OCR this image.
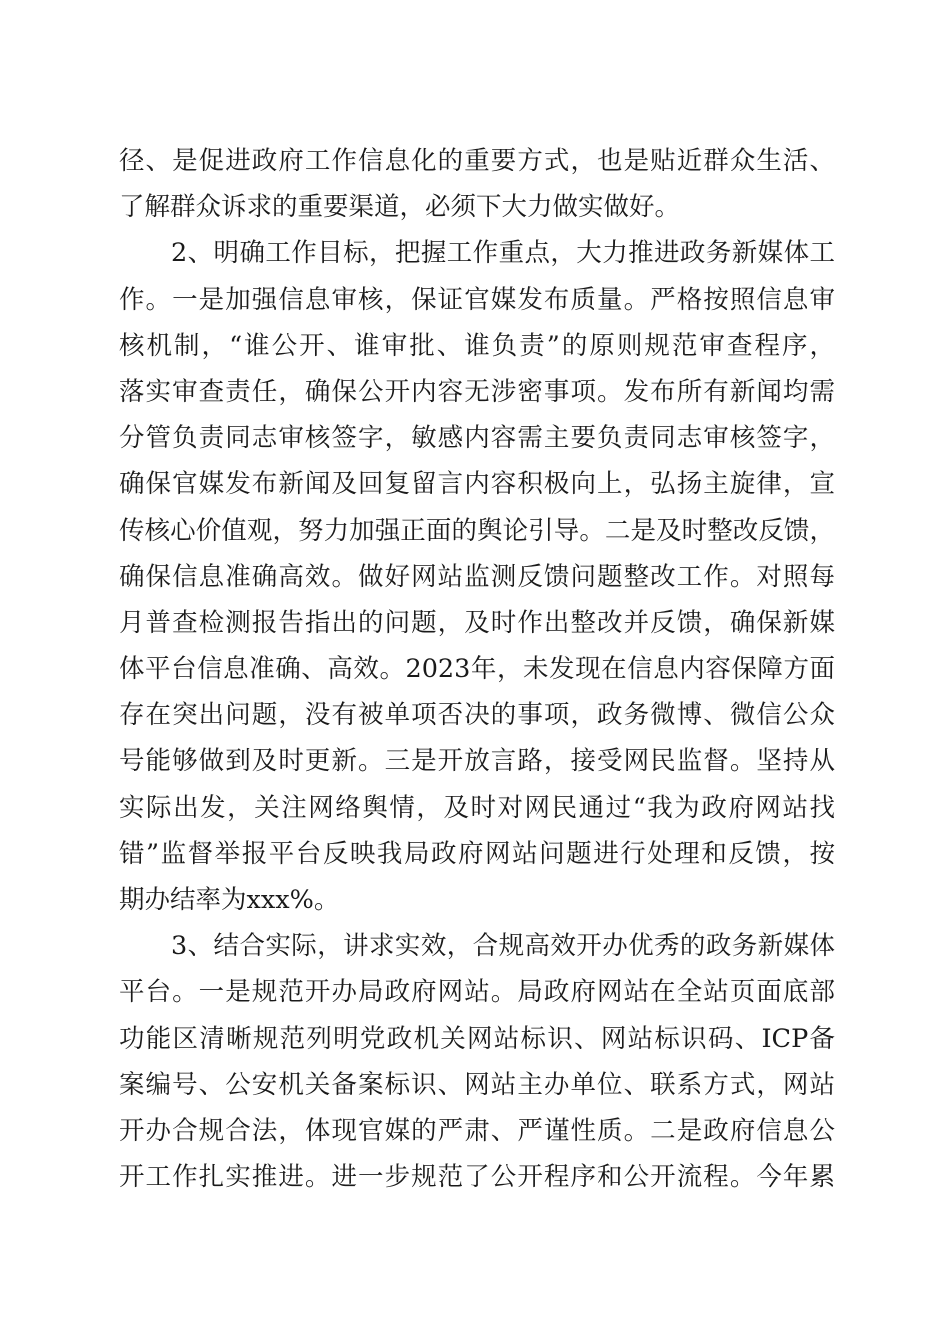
径、是促进政府工作信息化的重要方式，也是贴近群众生活、
了解群众诉求的重要渠道，必须下大力做实做好。
2、明确工作目标，把握工作重点，大力推进政务新媒体工
作。一是加强信息审核，保证官媒发布质量。严格按照信息审
核机制，“谁公开、谁审批、谁负责”的原则规范审查程序，
落实审查责任，确保公开内容无涉密事项。发布所有新闻均需
分管负责同志审核签字，敏感内容需主要负责同志审核签字，
确保官媒发布新闻及回复留言内容积极向上，弘扬主旋律，宣
传核心价值观，努力加强正面的舆论引导。二是及时整改反馈，
确保信息准确高效。做好网站监测反馈问题整改工作。对照每
月普查检测报告指出的问题，及时作出整改并反馈，确保新媒
体平台信息准确、高效。2023年，未发现在信息内容保障方面
存在突出问题，没有被单项否决的事项，政务微博、微信公众
号能够做到及时更新。三是开放言路，接受网民监督。坚持从
实际出发，关注网络舆情，及时对网民通过“我为政府网站找
错”监督举报平台反映我局政府网站问题进行处理和反馈，按
期办结率为xxx%。
3、结合实际，讲求实效，合规高效开办优秀的政务新媒体
平台。一是规范开办局政府网站。局政府网站在全站页面底部
功能区清晰规范列明党政机关网站标识、网站标识码、ICP备
案编号、公安机关备案标识、网站主办单位、联系方式，网站
开办合规合法，体现官媒的严肃、严谨性质。二是政府信息公
开工作扎实推进。进一步规范了公开程序和公开流程。今年累
